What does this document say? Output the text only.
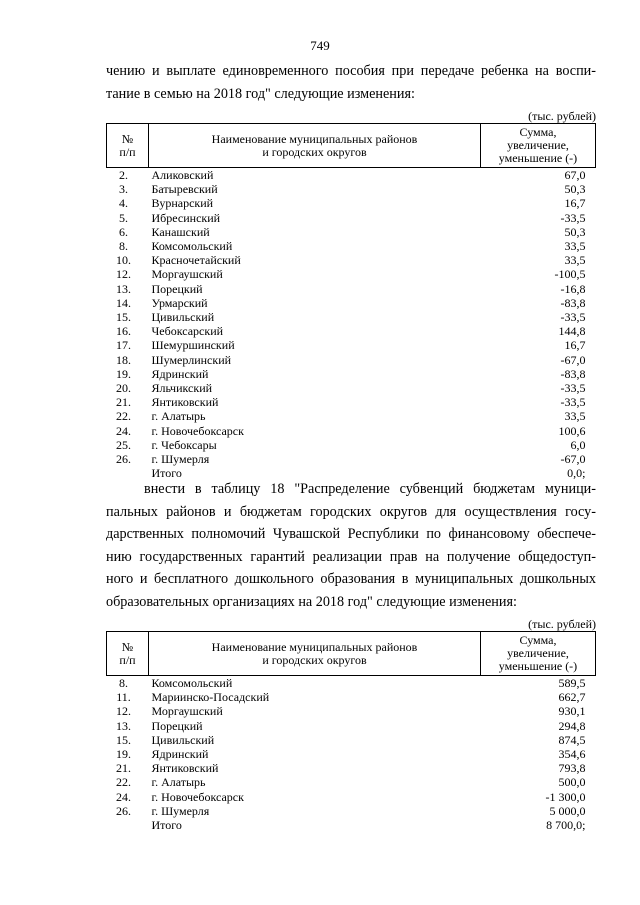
749
чению и выплате единовременного пособия при передаче ребенка на воспи-
тание в семью на 2018 год" следующие изменения:
(тыс. рублей)
№
п/п	Наименование муниципальных районов
и городских округов	Сумма,
увеличение,
уменьшение (-)
2.	Аликовский	67,0
3.	Батыревский	50,3
4.	Вурнарский	16,7
5.	Ибресинский	-33,5
6.	Канашский	50,3
8.	Комсомольский	33,5
10.	Красночетайский	33,5
12.	Моргаушский	-100,5
13.	Порецкий	-16,8
14.	Урмарский	-83,8
15.	Цивильский	-33,5
16.	Чебоксарский	144,8
17.	Шемуршинский	16,7
18.	Шумерлинский	-67,0
19.	Ядринский	-83,8
20.	Яльчикский	-33,5
21.	Янтиковский	-33,5
22.	г. Алатырь	33,5
24.	г. Новочебоксарск	100,6
25.	г. Чебоксары	6,0
26.	г. Шумерля	-67,0
	Итого	0,0;
внести в таблицу 18 "Распределение субвенций бюджетам муници-
пальных районов и бюджетам городских округов для осуществления госу-
дарственных полномочий Чувашской Республики по финансовому обеспече-
нию государственных гарантий реализации прав на получение общедоступ-
ного и бесплатного дошкольного образования в муниципальных дошкольных
образовательных организациях на 2018 год" следующие изменения:
(тыс. рублей)
№
п/п	Наименование муниципальных районов
и городских округов	Сумма,
увеличение,
уменьшение (-)
8.	Комсомольский	589,5
11.	Мариинско-Посадский	662,7
12.	Моргаушский	930,1
13.	Порецкий	294,8
15.	Цивильский	874,5
19.	Ядринский	354,6
21.	Янтиковский	793,8
22.	г. Алатырь	500,0
24.	г. Новочебоксарск	-1 300,0
26.	г. Шумерля	5 000,0
	Итого	8 700,0;
